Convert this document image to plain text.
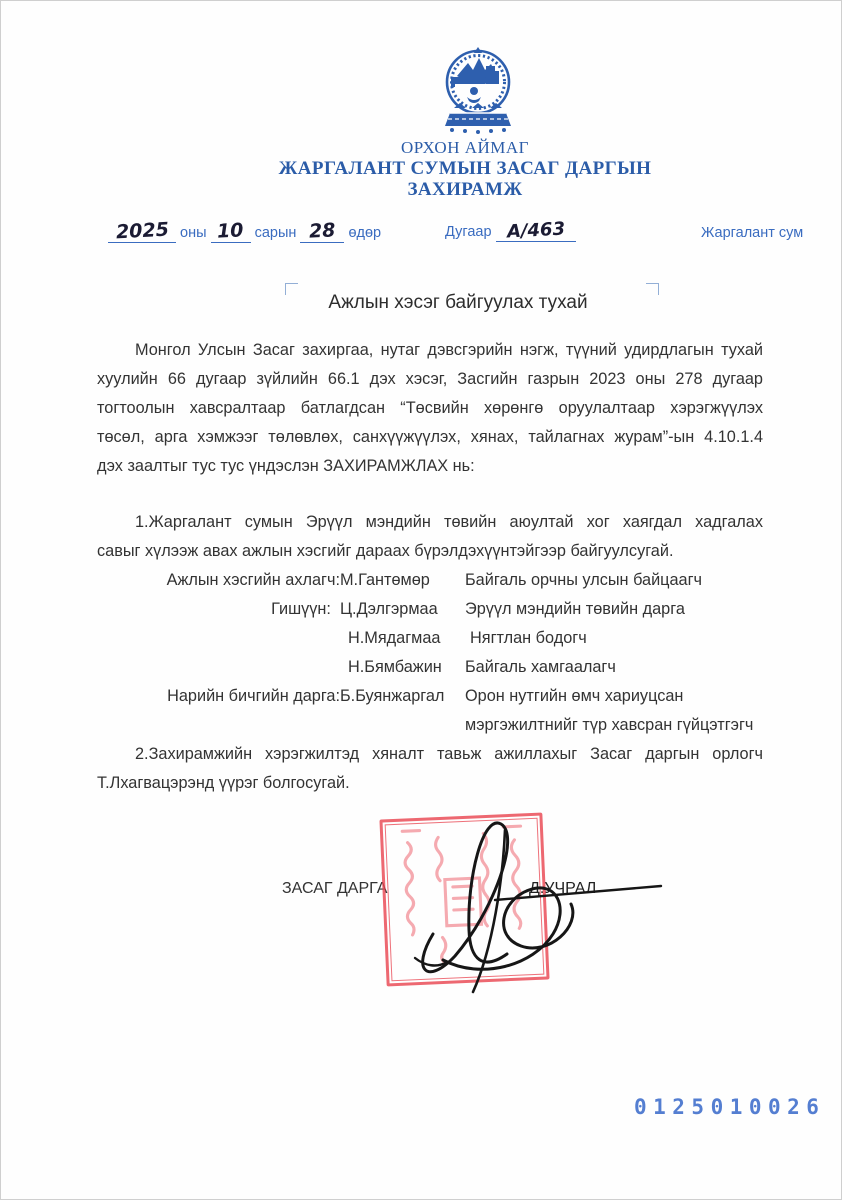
ОРХОН АЙМАГ
ЖАРГАЛАНТ СУМЫН ЗАСАГ ДАРГЫН
ЗАХИРАМЖ
2025 оны 10 сарын 28 өдөр	Дугаар А/463	Жаргалант сум
Ажлын хэсэг байгуулах тухай
Монгол Улсын Засаг захиргаа, нутаг дэвсгэрийн нэгж, түүний удирдлагын тухай
хуулийн 66 дугаар зүйлийн 66.1 дэх хэсэг, Засгийн газрын 2023 оны 278 дугаар
тогтоолын хавсралтаар батлагдсан “Төсвийн хөрөнгө оруулалтаар хэрэгжүүлэх
төсөл, арга хэмжээг төлөвлөх, санхүүжүүлэх, хянах, тайлагнах журам”-ын 4.10.1.4
дэх заалтыг тус тус үндэслэн ЗАХИРАМЖЛАХ нь:
1.Жаргалант сумын Эрүүл мэндийн төвийн аюултай хог хаягдал хадгалах
савыг хүлээж авах ажлын хэсгийг дараах бүрэлдэхүүнтэйгээр байгуулсугай.
Ажлын хэсгийн ахлагч: М.Гантөмөр	Байгаль орчны улсын байцаагч
Гишүүн: Ц.Дэлгэрмаа	Эрүүл мэндийн төвийн дарга
Н.Мядагмаа	Нягтлан бодогч
Н.Бямбажин	Байгаль хамгаалагч
Нарийн бичгийн дарга: Б.Буянжаргал	Орон нутгийн өмч хариуцсан
мэргэжилтнийг түр хавсран гүйцэтгэгч
2.Захирамжийн хэрэгжилтэд хяналт тавьж ажиллахыг Засаг даргын орлогч
Т.Лхагвацэрэнд үүрэг болгосугай.
ЗАСАГ ДАРГА	Д.УЧРАЛ
0125010026
